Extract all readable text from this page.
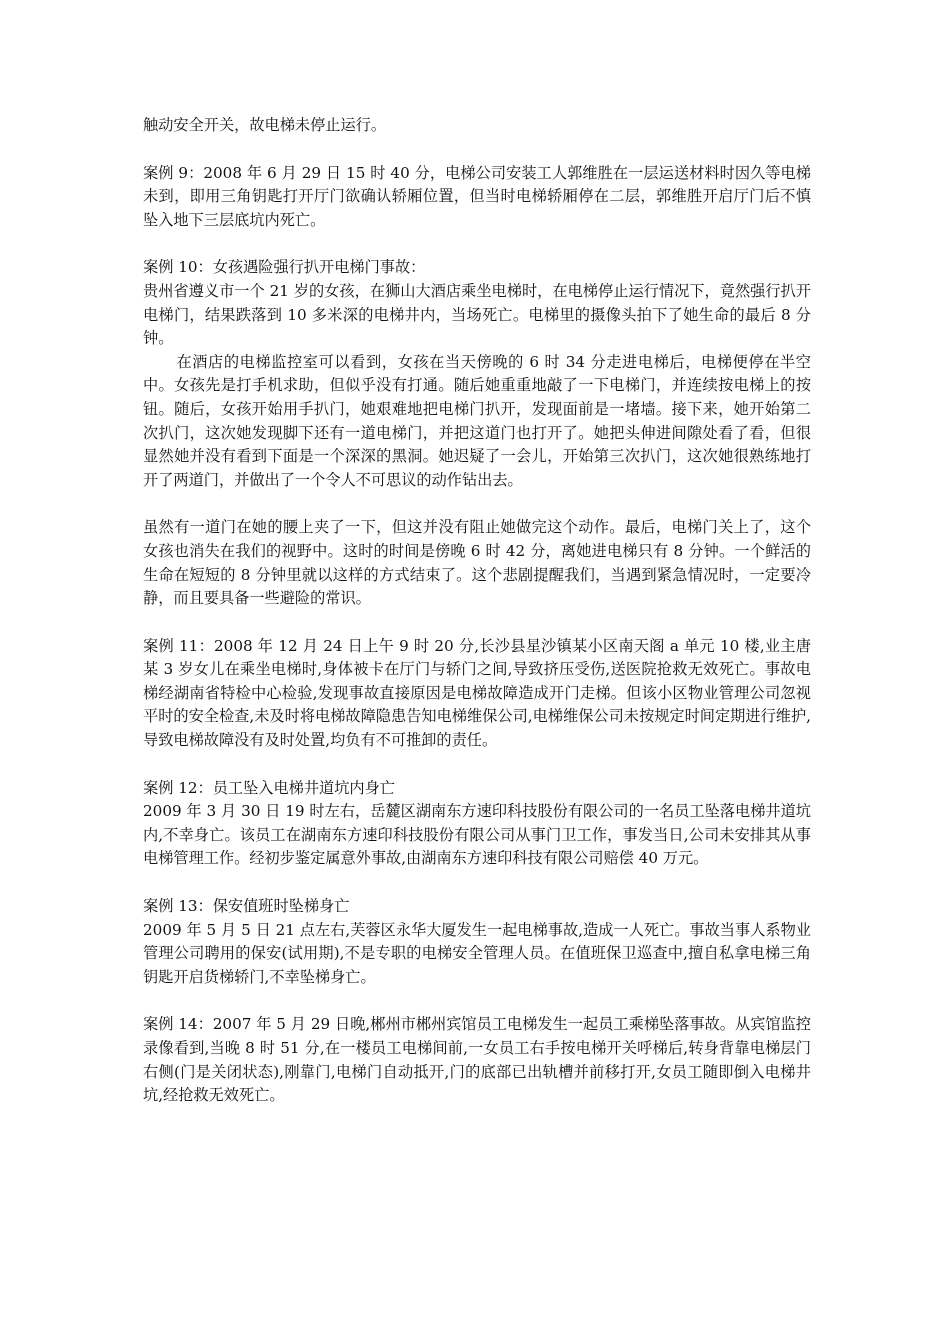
触动安全开关，故电梯未停止运行。

案例 9：2008 年 6 月 29 日 15 时 40 分，电梯公司安装工人郭维胜在一层运送材料时因久等电梯未到，即用三角钥匙打开厅门欲确认轿厢位置，但当时电梯轿厢停在二层，郭维胜开启厅门后不慎坠入地下三层底坑内死亡。

案例 10：女孩遇险强行扒开电梯门事故：

贵州省遵义市一个 21 岁的女孩，在狮山大酒店乘坐电梯时，在电梯停止运行情况下，竟然强行扒开电梯门，结果跌落到 10 多米深的电梯井内，当场死亡。电梯里的摄像头拍下了她生命的最后 8 分钟。

在酒店的电梯监控室可以看到，女孩在当天傍晚的 6 时 34 分走进电梯后，电梯便停在半空中。女孩先是打手机求助，但似乎没有打通。随后她重重地敲了一下电梯门，并连续按电梯上的按钮。随后，女孩开始用手扒门，她艰难地把电梯门扒开，发现面前是一堵墙。接下来，她开始第二次扒门，这次她发现脚下还有一道电梯门，并把这道门也打开了。她把头伸进间隙处看了看，但很显然她并没有看到下面是一个深深的黑洞。她迟疑了一会儿，开始第三次扒门，这次她很熟练地打开了两道门，并做出了一个令人不可思议的动作钻出去。

虽然有一道门在她的腰上夹了一下，但这并没有阻止她做完这个动作。最后，电梯门关上了，这个女孩也消失在我们的视野中。这时的时间是傍晚 6 时 42 分，离她进电梯只有 8 分钟。一个鲜活的生命在短短的 8 分钟里就以这样的方式结束了。这个悲剧提醒我们，当遇到紧急情况时，一定要冷静，而且要具备一些避险的常识。

案例 11：2008 年 12 月 24 日上午 9 时 20 分,长沙县星沙镇某小区南天阁 a 单元 10 楼,业主唐某 3 岁女儿在乘坐电梯时,身体被卡在厅门与轿门之间,导致挤压受伤,送医院抢救无效死亡。事故电梯经湖南省特检中心检验,发现事故直接原因是电梯故障造成开门走梯。但该小区物业管理公司忽视平时的安全检查,未及时将电梯故障隐患告知电梯维保公司,电梯维保公司未按规定时间定期进行维护,导致电梯故障没有及时处置,均负有不可推卸的责任。

案例 12：员工坠入电梯井道坑内身亡

2009 年 3 月 30 日 19 时左右，岳麓区湖南东方速印科技股份有限公司的一名员工坠落电梯井道坑内,不幸身亡。该员工在湖南东方速印科技股份有限公司从事门卫工作，事发当日,公司未安排其从事电梯管理工作。经初步鉴定属意外事故,由湖南东方速印科技有限公司赔偿 40 万元。

案例 13：保安值班时坠梯身亡

2009 年 5 月 5 日 21 点左右,芙蓉区永华大厦发生一起电梯事故,造成一人死亡。事故当事人系物业管理公司聘用的保安(试用期),不是专职的电梯安全管理人员。在值班保卫巡查中,擅自私拿电梯三角钥匙开启货梯轿门,不幸坠梯身亡。

案例 14：2007 年 5 月 29 日晚,郴州市郴州宾馆员工电梯发生一起员工乘梯坠落事故。从宾馆监控录像看到,当晚 8 时 51 分,在一楼员工电梯间前,一女员工右手按电梯开关呼梯后,转身背靠电梯层门右侧(门是关闭状态),刚靠门,电梯门自动抵开,门的底部已出轨槽并前移打开,女员工随即倒入电梯井坑,经抢救无效死亡。
